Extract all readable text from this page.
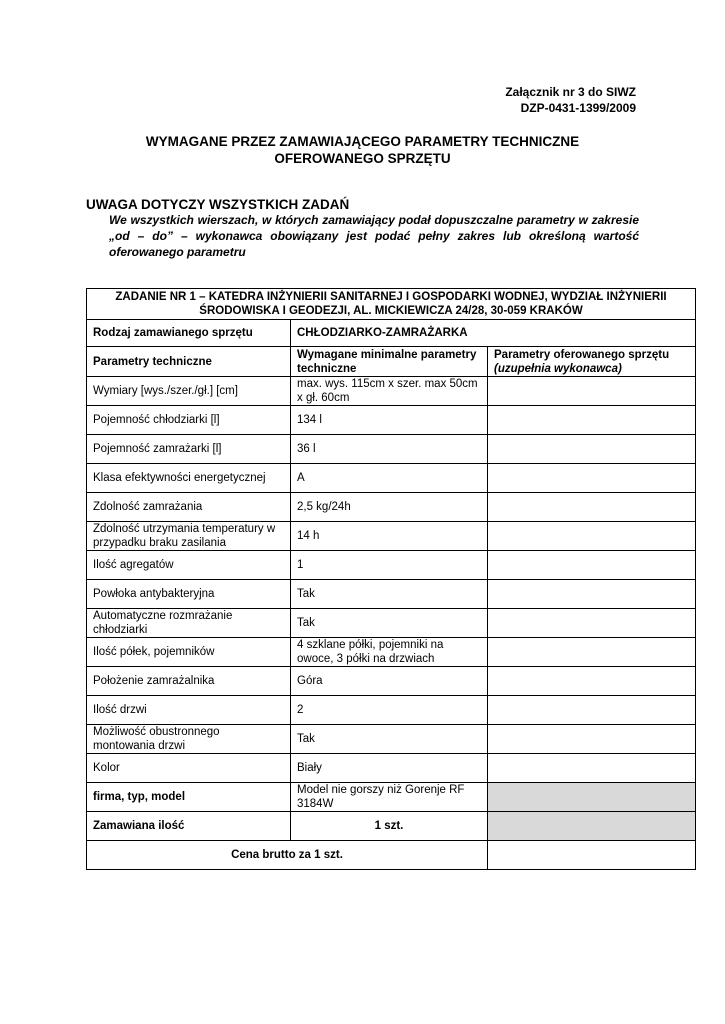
Załącznik nr 3 do SIWZ
DZP-0431-1399/2009
WYMAGANE PRZEZ ZAMAWIAJĄCEGO PARAMETRY TECHNICZNE
OFEROWANEGO SPRZĘTU
UWAGA DOTYCZY WSZYSTKICH ZADAŃ
We wszystkich wierszach, w których zamawiający podał dopuszczalne parametry w zakresie „od – do” – wykonawca obowiązany jest podać pełny zakres lub określoną wartość oferowanego parametru
ZADANIE NR 1 – KATEDRA INŻYNIERII SANITARNEJ I GOSPODARKI WODNEJ, WYDZIAŁ INŻYNIERII ŚRODOWISKA I GEODEZJI, AL. MICKIEWICZA 24/28, 30-059 KRAKÓW		
Rodzaj zamawianego sprzętu	CHŁODZIARKO-ZAMRAŻARKA	
Parametry techniczne	Wymagane minimalne parametry techniczne	Parametry oferowanego sprzętu
(uzupełnia wykonawca)

Wymiary [wys./szer./gł.] [cm]	max. wys. 115cm x szer. max 50cm x gł. 60cm	
Pojemność chłodziarki [l]	134 l	
Pojemność zamrażarki [l]	36 l	
Klasa efektywności energetycznej	A	
Zdolność zamrażania	2,5 kg/24h	
Zdolność utrzymania temperatury w przypadku braku zasilania	14 h	
Ilość agregatów	1	
Powłoka antybakteryjna	Tak	
Automatyczne rozmrażanie chłodziarki	Tak	
Ilość półek, pojemników	4 szklane półki, pojemniki na owoce, 3 półki na drzwiach	
Położenie zamrażalnika	Góra	
Ilość drzwi	2	
Możliwość obustronnego montowania drzwi	Tak	
Kolor	Biały	
firma, typ, model	Model nie gorszy niż Gorenje RF 3184W	
Zamawiana ilość	1 szt.	
Cena brutto za 1 szt.		
